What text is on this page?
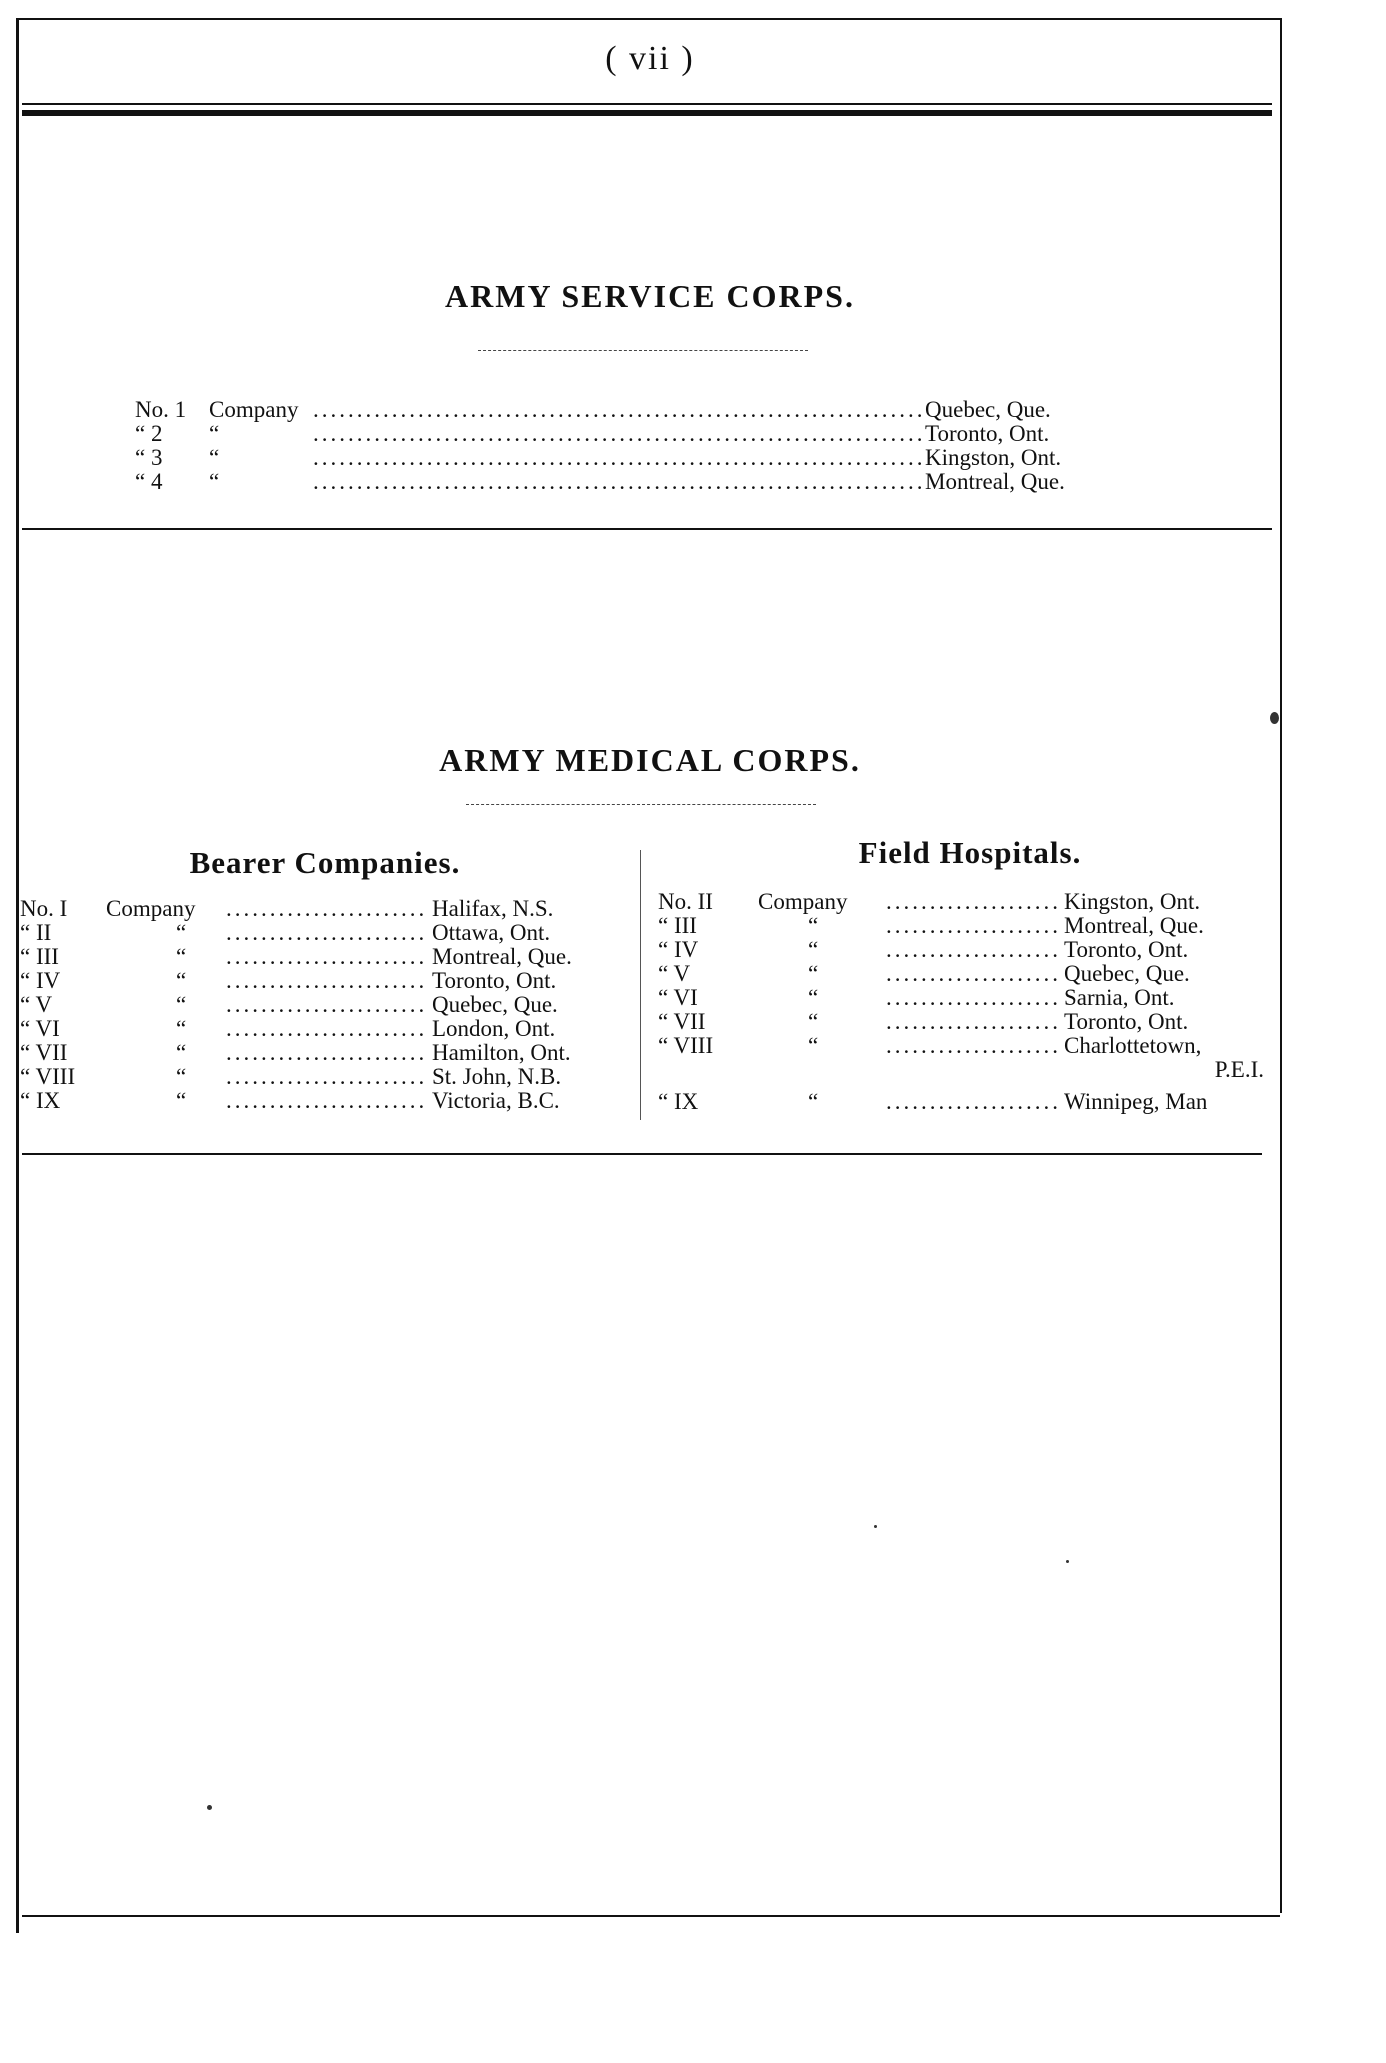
( vii )
ARMY SERVICE CORPS.
No. 1 Company .....	Quebec, Que.
“ 2	“ .....	Toronto, Ont.
“ 3	“ .....	Kingston, Ont.
“ 4	“ .....	Montreal, Que.
ARMY MEDICAL CORPS.
Bearer Companies.
No. I	Company .....	Halifax, N.S.
“ II	“ .....	Ottawa, Ont.
“ III	“ .....	Montreal, Que.
“ IV	“ .....	Toronto, Ont.
“ V	“ .....	Quebec, Que.
“ VI	“ .....	London, Ont.
“ VII	“ .....	Hamilton, Ont.
“ VIII	“ .....	St. John, N.B.
“ IX	“ .....	Victoria, B.C.
Field Hospitals.
No. II	Company .....	Kingston, Ont.
“ III	“ .....	Montreal, Que.
“ IV	“ .....	Toronto, Ont.
“ V	“ .....	Quebec, Que.
“ VI	“ .....	Sarnia, Ont.
“ VII	“ .....	Toronto, Ont.
“ VIII	“ .....	Charlottetown,
P.E.I.
“ IX	“ .....	Winnipeg, Man
